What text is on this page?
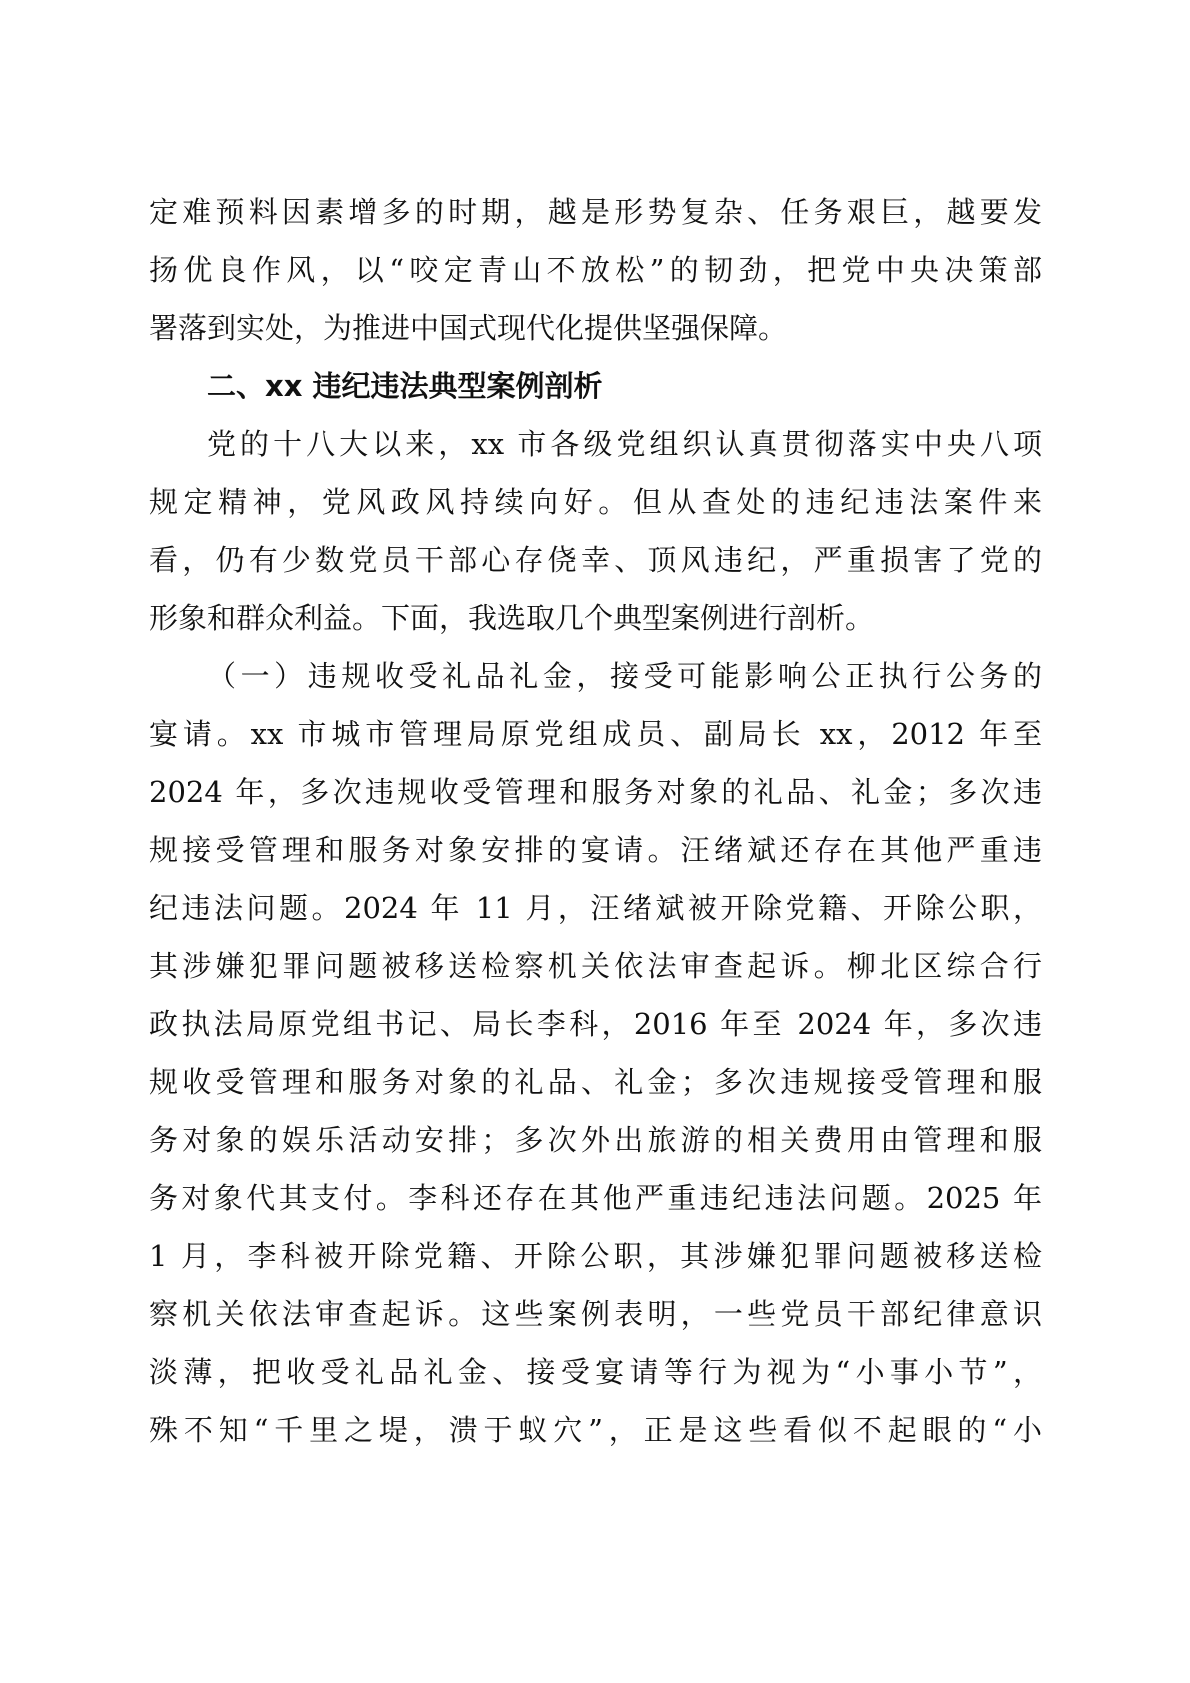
定难预料因素增多的时期，越是形势复杂、任务艰巨，越要发
扬优良作风，以“咬定青山不放松”的韧劲，把党中央决策部
署落到实处，为推进中国式现代化提供坚强保障。
二、xx 违纪违法典型案例剖析
党的十八大以来，xx 市各级党组织认真贯彻落实中央八项
规定精神，党风政风持续向好。但从查处的违纪违法案件来
看，仍有少数党员干部心存侥幸、顶风违纪，严重损害了党的
形象和群众利益。下面，我选取几个典型案例进行剖析。
（一）违规收受礼品礼金，接受可能影响公正执行公务的
宴请。xx 市城市管理局原党组成员、副局长 xx，2012 年至
2024 年，多次违规收受管理和服务对象的礼品、礼金；多次违
规接受管理和服务对象安排的宴请。汪绪斌还存在其他严重违
纪违法问题。2024 年 11 月，汪绪斌被开除党籍、开除公职，
其涉嫌犯罪问题被移送检察机关依法审查起诉。柳北区综合行
政执法局原党组书记、局长李科，2016 年至 2024 年，多次违
规收受管理和服务对象的礼品、礼金；多次违规接受管理和服
务对象的娱乐活动安排；多次外出旅游的相关费用由管理和服
务对象代其支付。李科还存在其他严重违纪违法问题。2025 年
1 月，李科被开除党籍、开除公职，其涉嫌犯罪问题被移送检
察机关依法审查起诉。这些案例表明，一些党员干部纪律意识
淡薄，把收受礼品礼金、接受宴请等行为视为“小事小节”，
殊不知“千里之堤，溃于蚁穴”，正是这些看似不起眼的“小
